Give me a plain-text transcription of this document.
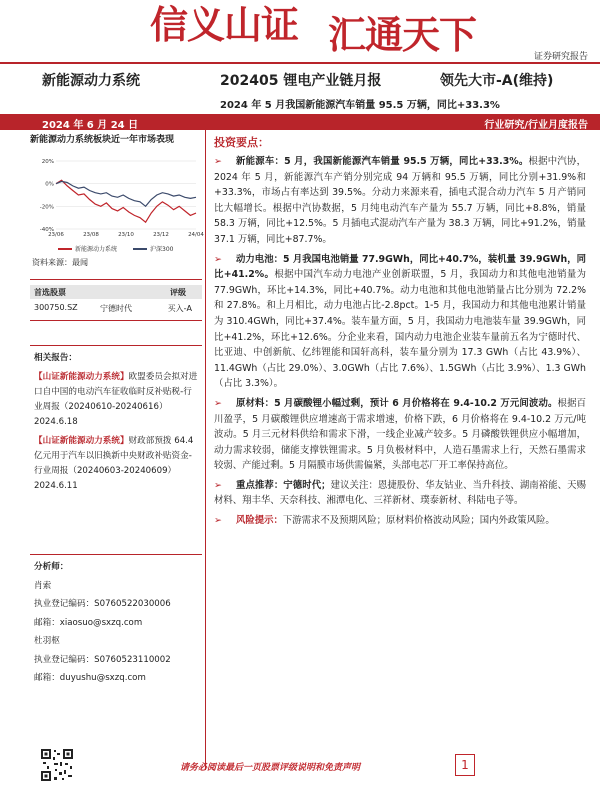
信义山证 汇通天下	证券研究报告
新能源动力系统	202405 锂电产业链月报	领先大市-A(维持)
2024 年 5 月我国新能源汽车销量 95.5 万辆，同比+33.3%
2024 年 6 月 24 日	行业研究/行业月度报告
新能源动力系统板块近一年市场表现
20%
0%
-20%
-40%
23/06	23/08	23/10	23/12	24/04
新能源动力系统	沪深300
资料来源：最闻
首选股票	评级
300750.SZ	宁德时代	买入-A
相关报告：
【山证新能源动力系统】欧盟委员会拟对进口自中国的电动汽车征收临时反补贴税-行业周报（20240610-20240616）
2024.6.18
【山证新能源动力系统】财政部预拨 64.4 亿元用于汽车以旧换新中央财政补贴资金-行业周报（20240603-20240609）
2024.6.11
分析师：
肖索
执业登记编码：S0760522030006
邮箱：xiaosuo@sxzq.com
杜羽枢
执业登记编码：S0760523110002
邮箱：duyushu@sxzq.com
投资要点：
➢	新能源车：5 月，我国新能源汽车销量 95.5 万辆，同比+33.3%。根据中汽协，2024 年 5 月，新能源汽车产销分别完成 94 万辆和 95.5 万辆，同比分别+31.9%和+33.3%，市场占有率达到 39.5%。分动力来源来看，插电式混合动力汽车 5 月产销同比大幅增长。根据中汽协数据，5 月纯电动汽车产量为 55.7 万辆，同比+8.8%，销量 58.3 万辆，同比+12.5%。5 月插电式混动汽车产量为 38.3 万辆，同比+91.2%，销量 37.1 万辆，同比+87.7%。
➢	动力电池：5 月我国电池销量 77.9GWh，同比+40.7%，装机量 39.9GWh，同比+41.2%。根据中国汽车动力电池产业创新联盟，5 月，我国动力和其他电池销量为 77.9GWh，环比+14.3%，同比+40.7%。动力电池和其他电池销量占比分别为 72.2%和 27.8%。和上月相比，动力电池占比-2.8pct。1-5 月，我国动力和其他电池累计销量为 310.4GWh，同比+37.4%。装车量方面，5 月，我国动力电池装车量 39.9GWh，同比+41.2%，环比+12.6%。分企业来看，国内动力电池企业装车量前五名为宁德时代、比亚迪、中创新航、亿纬锂能和国轩高科，装车量分别为 17.3 GWh（占比 43.9%）、11.4GWh（占比 29.0%）、3.0GWh（占比 7.6%）、1.5GWh（占比 3.9%）、1.3 GWh（占比 3.3%）。
➢	原材料：5 月碳酸锂小幅过剩，预计 6 月价格将在 9.4-10.2 万元间波动。根据百川盈孚，5 月碳酸锂供应增速高于需求增速，价格下跌，6 月价格将在 9.4-10.2 万元/吨波动。5 月三元材料供给和需求下滑，一线企业减产较多。5 月磷酸铁锂供应小幅增加，动力需求较弱，储能支撑铁锂需求。5 月负极材料中，人造石墨需求上行，天然石墨需求较弱、产能过剩。5 月隔膜市场供需偏紧，头部电芯厂开工率保持高位。
➢	重点推荐：宁德时代；建议关注：恩捷股份、华友钴业、当升科技、湖南裕能、天赐材料、翔丰华、天奈科技、湘潭电化、三祥新材、璞泰新材、科陆电子等。
➢	风险提示：下游需求不及预期风险；原材料价格波动风险；国内外政策风险。
请务必阅读最后一页股票评级说明和免责声明	1
